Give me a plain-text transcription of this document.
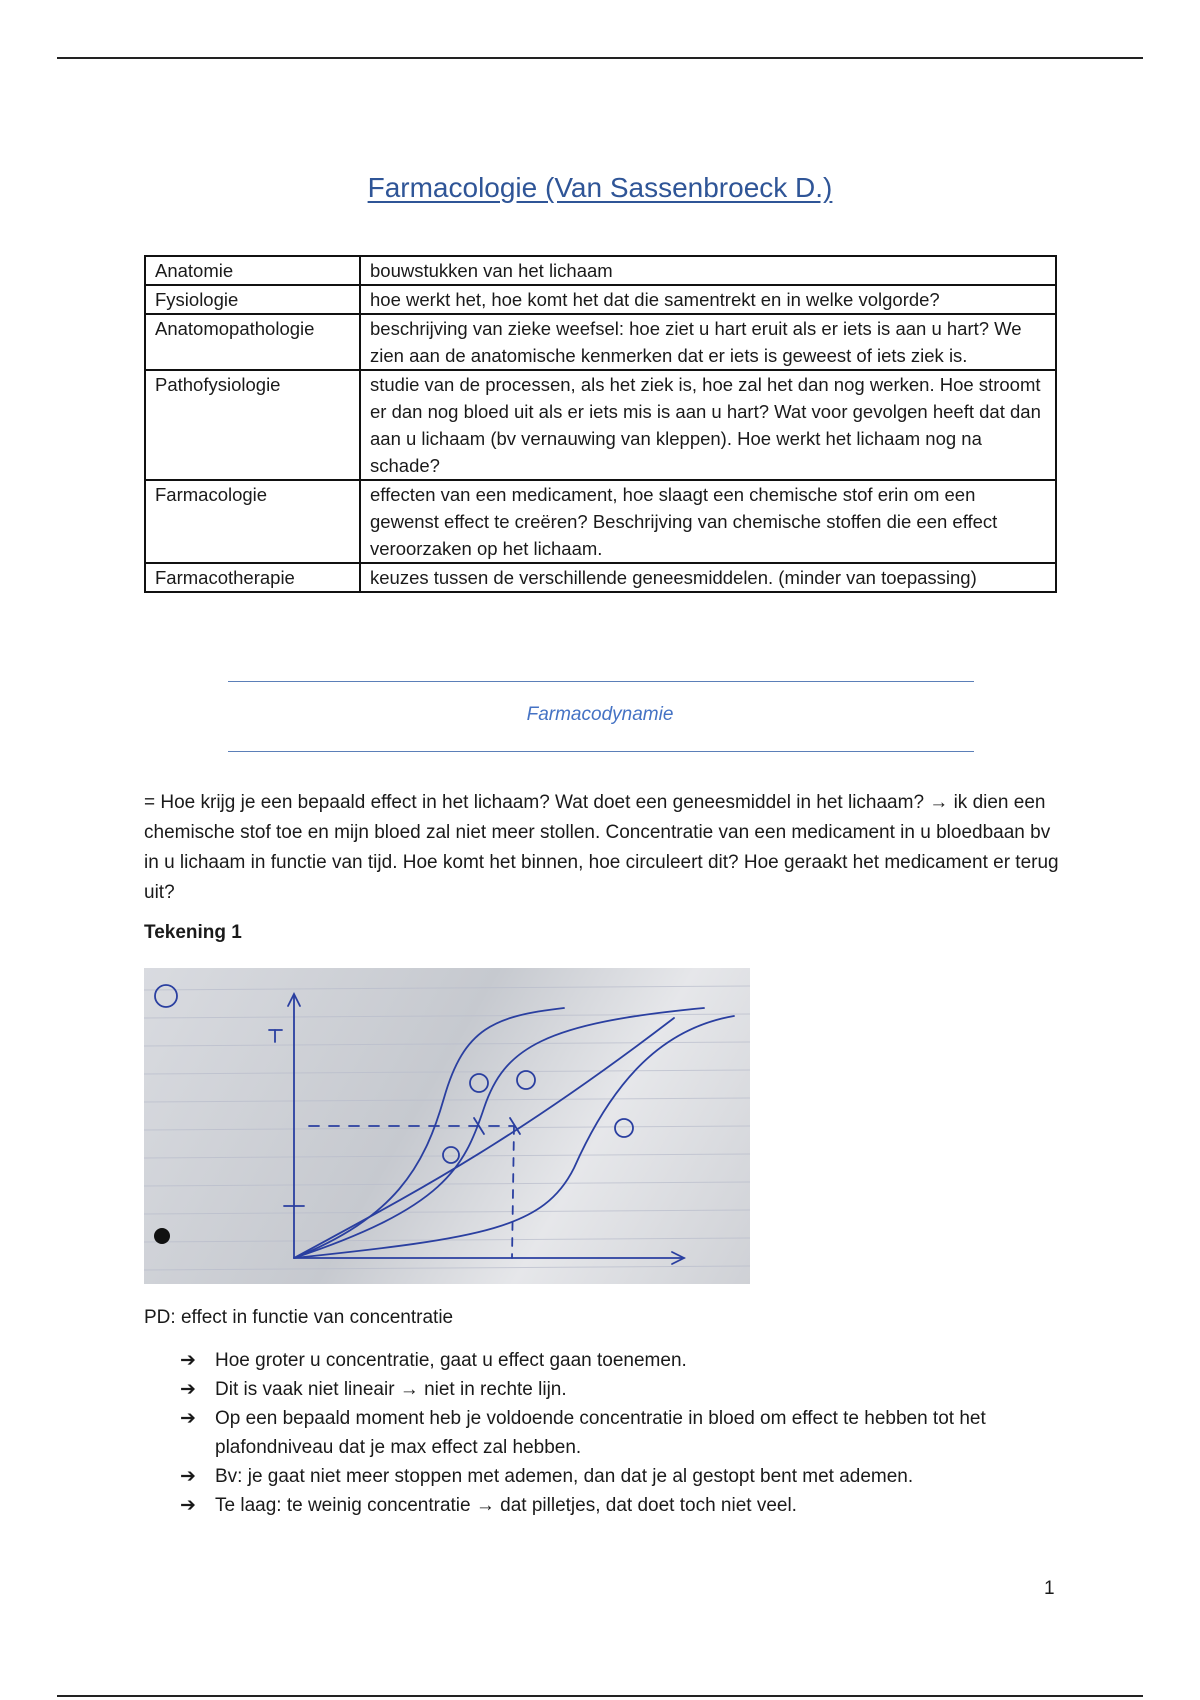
Farmacologie (Van Sassenbroeck D.)
Anatomie	bouwstukken van het lichaam
Fysiologie	hoe werkt het, hoe komt het dat die samentrekt en in welke volgorde?
Anatomopathologie	beschrijving van zieke weefsel: hoe ziet u hart eruit als er iets is aan u hart? We zien aan de anatomische kenmerken dat er iets is geweest of iets ziek is.
Pathofysiologie	studie van de processen, als het ziek is, hoe zal het dan nog werken. Hoe stroomt er dan nog bloed uit als er iets mis is aan u hart? Wat voor gevolgen heeft dat dan aan u lichaam (bv vernauwing van kleppen). Hoe werkt het lichaam nog na schade?
Farmacologie	effecten van een medicament, hoe slaagt een chemische stof erin om een gewenst effect te creëren? Beschrijving van chemische stoffen die een effect veroorzaken op het lichaam.
Farmacotherapie	keuzes tussen de verschillende geneesmiddelen. (minder van toepassing)
Farmacodynamie

= Hoe krijg je een bepaald effect in het lichaam? Wat doet een geneesmiddel in het lichaam? → ik dien een chemische stof toe en mijn bloed zal niet meer stollen. Concentratie van een medicament in u bloedbaan bv in u lichaam in functie van tijd. Hoe komt het binnen, hoe circuleert dit? Hoe geraakt het medicament er terug uit?

Tekening 1
PD: effect in functie van concentratie
➔ Hoe groter u concentratie, gaat u effect gaan toenemen.
➔ Dit is vaak niet lineair → niet in rechte lijn.
➔ Op een bepaald moment heb je voldoende concentratie in bloed om effect te hebben tot het plafondniveau dat je max effect zal hebben.
➔ Bv: je gaat niet meer stoppen met ademen, dan dat je al gestopt bent met ademen.
➔ Te laag: te weinig concentratie → dat pilletjes, dat doet toch niet veel.
1
